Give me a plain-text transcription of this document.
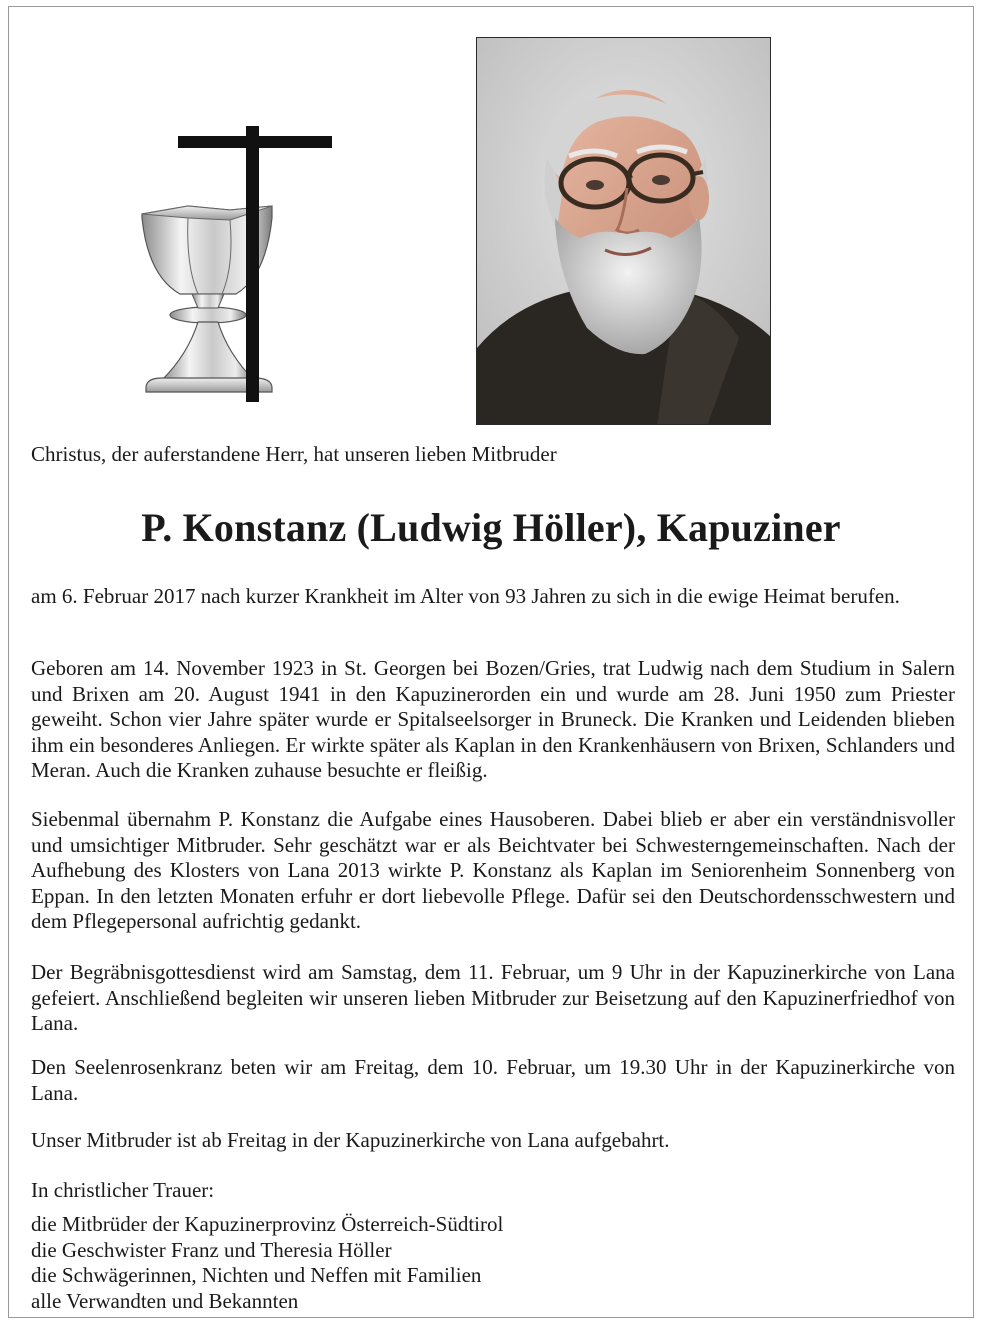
Christus, der auferstandene Herr, hat unseren lieben Mitbruder

P. Konstanz (Ludwig Höller), Kapuziner

am 6. Februar 2017 nach kurzer Krankheit im Alter von 93 Jahren zu sich in die ewige Heimat berufen.

Geboren am 14. November 1923 in St. Georgen bei Bozen/Gries, trat Ludwig nach dem Studium in Salern und Brixen am 20. August 1941 in den Kapuzinerorden ein und wurde am 28. Juni 1950 zum Priester geweiht. Schon vier Jahre später wurde er Spitalseelsorger in Bruneck. Die Kranken und Leidenden blieben ihm ein besonderes Anliegen. Er wirkte später als Kaplan in den Krankenhäusern von Brixen, Schlanders und Meran. Auch die Kranken zuhause besuchte er fleißig.

Siebenmal übernahm P. Konstanz die Aufgabe eines Hausoberen. Dabei blieb er aber ein verständnisvoller und umsichtiger Mitbruder. Sehr geschätzt war er als Beichtvater bei Schwesterngemeinschaften. Nach der Aufhebung des Klosters von Lana 2013 wirkte P. Konstanz als Kaplan im Seniorenheim Sonnenberg von Eppan. In den letzten Monaten erfuhr er dort liebevolle Pflege. Dafür sei den Deutschordensschwestern und dem Pflegepersonal aufrichtig gedankt.

Der Begräbnisgottesdienst wird am Samstag, dem 11. Februar, um 9 Uhr in der Kapuzinerkirche von Lana gefeiert. Anschließend begleiten wir unseren lieben Mitbruder zur Beisetzung auf den Kapuzinerfriedhof von Lana.

Den Seelenrosenkranz beten wir am Freitag, dem 10. Februar, um 19.30 Uhr in der Kapuzinerkirche von Lana.

Unser Mitbruder ist ab Freitag in der Kapuzinerkirche von Lana aufgebahrt.

In christlicher Trauer:

die Mitbrüder der Kapuzinerprovinz Österreich-Südtirol
die Geschwister Franz und Theresia Höller
die Schwägerinnen, Nichten und Neffen mit Familien
alle Verwandten und Bekannten
